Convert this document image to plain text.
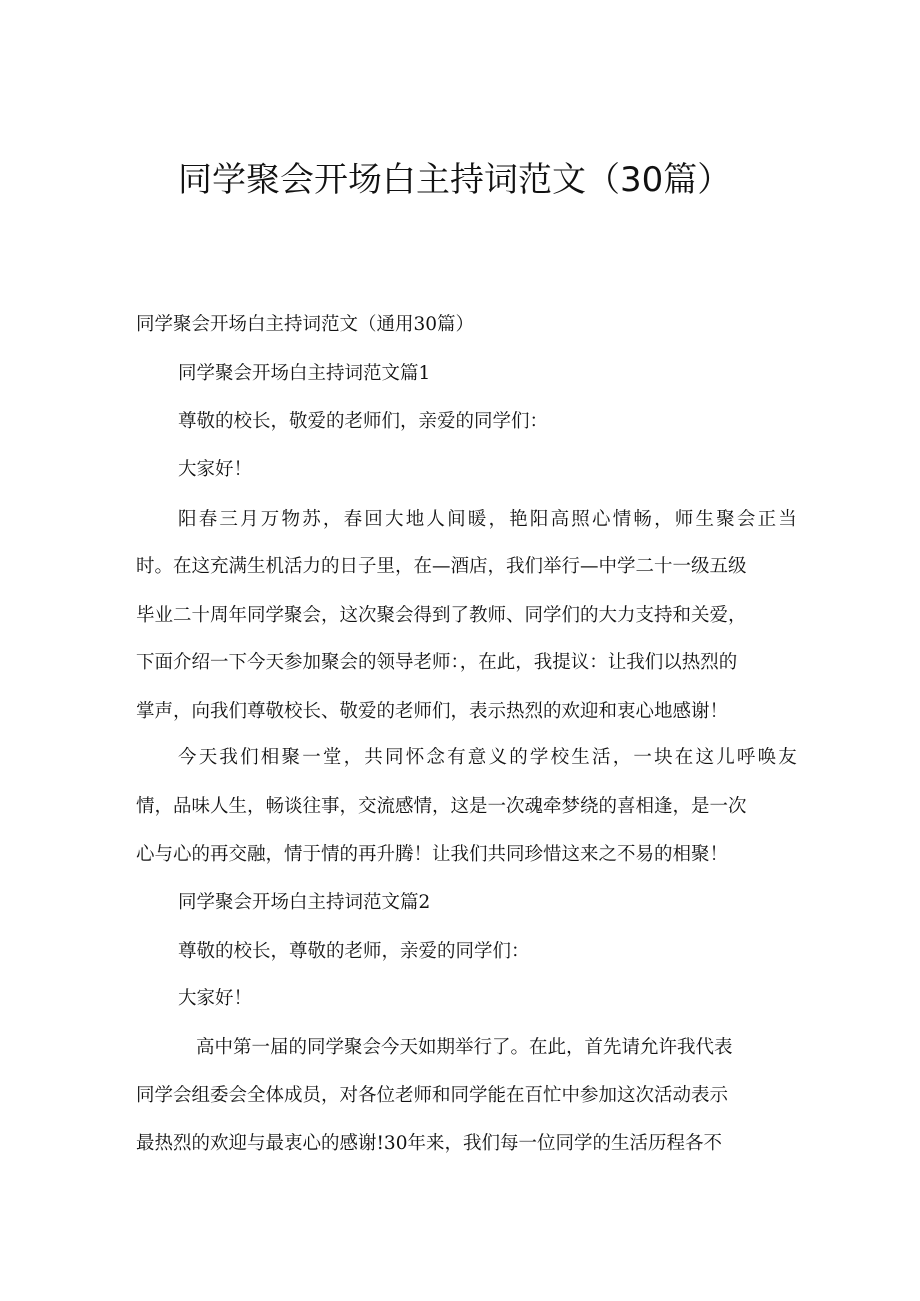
同学聚会开场白主持词范文（30篇）

同学聚会开场白主持词范文（通用30篇）

同学聚会开场白主持词范文篇1

尊敬的校长，敬爱的老师们，亲爱的同学们：

大家好！

阳春三月万物苏，春回大地人间暖，艳阳高照心情畅，师生聚会正当

时。在这充满生机活力的日子里，在—酒店，我们举行—中学二十一级五级

毕业二十周年同学聚会，这次聚会得到了教师、同学们的大力支持和关爱，

下面介绍一下今天参加聚会的领导老师：，在此，我提议：让我们以热烈的

掌声，向我们尊敬校长、敬爱的老师们，表示热烈的欢迎和衷心地感谢！

今天我们相聚一堂，共同怀念有意义的学校生活，一块在这儿呼唤友

情，品味人生，畅谈往事，交流感情，这是一次魂牵梦绕的喜相逢，是一次

心与心的再交融，情于情的再升腾！让我们共同珍惜这来之不易的相聚！

同学聚会开场白主持词范文篇2

尊敬的校长，尊敬的老师，亲爱的同学们：

大家好！

高中第一届的同学聚会今天如期举行了。在此，首先请允许我代表

同学会组委会全体成员，对各位老师和同学能在百忙中参加这次活动表示

最热烈的欢迎与最衷心的感谢!30年来，我们每一位同学的生活历程各不
